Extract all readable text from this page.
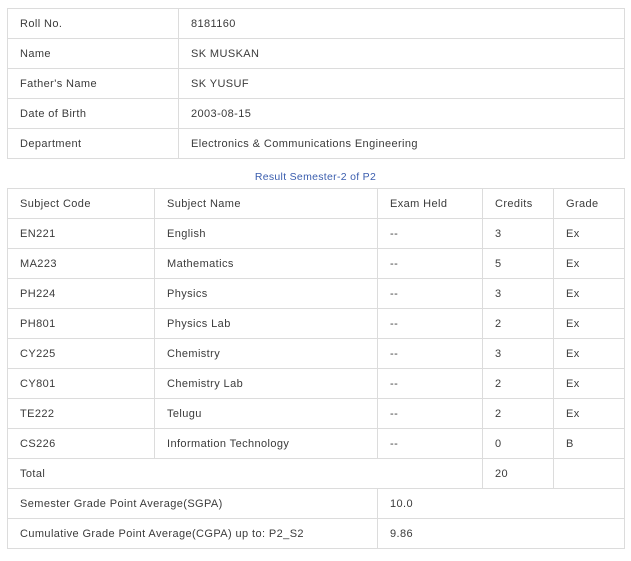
Roll No.	8181160
Name	SK MUSKAN
Father's Name	SK YUSUF
Date of Birth	2003-08-15
Department	Electronics & Communications Engineering
Result Semester-2 of P2
Subject Code	Subject Name	Exam Held	Credits	Grade
EN221	English	--	3	Ex
MA223	Mathematics	--	5	Ex
PH224	Physics	--	3	Ex
PH801	Physics Lab	--	2	Ex
CY225	Chemistry	--	3	Ex
CY801	Chemistry Lab	--	2	Ex
TE222	Telugu	--	2	Ex
CS226	Information Technology	--	0	B
Total			20	
Semester Grade Point Average(SGPA)		10.0		
Cumulative Grade Point Average(CGPA) up to: P2_S2		9.86		
